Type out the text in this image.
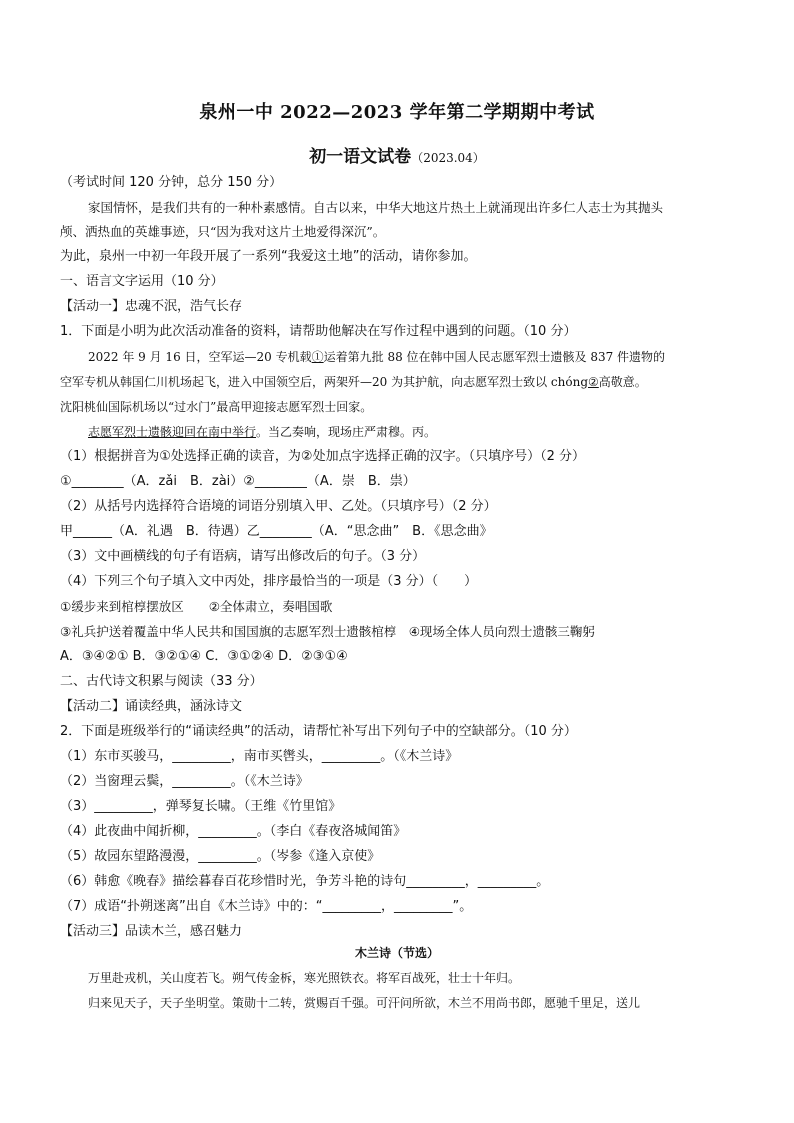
泉州一中 2022—2023 学年第二学期期中考试
初一语文试卷（2023.04）
（考试时间 120 分钟，总分 150 分）
家国情怀，是我们共有的一种朴素感情。自古以来，中华大地这片热土上就涌现出许多仁人志士为其抛头
颅、洒热血的英雄事迹，只“因为我对这片土地爱得深沉”。
为此，泉州一中初一年段开展了一系列“我爱这土地”的活动，请你参加。
一、语言文字运用（10 分）
【活动一】忠魂不泯，浩气长存
1．下面是小明为此次活动准备的资料，请帮助他解决在写作过程中遇到的问题。（10 分）
2022 年 9 月 16 日，空军运—20 专机载①运着第九批 88 位在韩中国人民志愿军烈士遗骸及 837 件遗物的
空军专机从韩国仁川机场起飞，进入中国领空后，两架歼—20 为其护航，向志愿军烈士致以 chóng②高敬意。
沈阳桃仙国际机场以“过水门”最高甲迎接志愿军烈士回家。
志愿军烈士遗骸迎回在南中举行。当乙奏响，现场庄严肃穆。丙。
（1）根据拼音为①处选择正确的读音，为②处加点字选择正确的汉字。（只填序号）（2 分）
①________（A．zǎi　B．zài）②________（A．崇　B．祟）
（2）从括号内选择符合语境的词语分别填入甲、乙处。（只填序号）（2 分）
甲______（A．礼遇　B．待遇）乙________（A．“思念曲”　B．《思念曲》
（3）文中画横线的句子有语病，请写出修改后的句子。（3 分）
（4）下列三个句子填入文中丙处，排序最恰当的一项是（3 分）（　　）
①缓步来到棺椁摆放区　　②全体肃立，奏唱国歌
③礼兵护送着覆盖中华人民共和国国旗的志愿军烈士遗骸棺椁　④现场全体人员向烈士遗骸三鞠躬
A．③④②① B．③②①④ C．③①②④ D．②③①④
二、古代诗文积累与阅读（33 分）
【活动二】诵读经典，涵泳诗文
2．下面是班级举行的“诵读经典”的活动，请帮忙补写出下列句子中的空缺部分。（10 分）
（1）东市买骏马，_________，南市买辔头，_________。（《木兰诗》
（2）当窗理云鬓，_________。（《木兰诗》
（3）_________，弹琴复长啸。（王维《竹里馆》
（4）此夜曲中闻折柳，_________。（李白《春夜洛城闻笛》
（5）故园东望路漫漫，_________。（岑参《逢入京使》
（6）韩愈《晚春》描绘暮春百花珍惜时光，争芳斗艳的诗句_________，_________。
（7）成语“扑朔迷离”出自《木兰诗》中的：“_________，_________”。
【活动三】品读木兰，感召魅力
木兰诗（节选）
万里赴戎机，关山度若飞。朔气传金柝，寒光照铁衣。将军百战死，壮士十年归。
归来见天子，天子坐明堂。策勋十二转，赏赐百千强。可汗问所欲，木兰不用尚书郎，愿驰千里足，送儿
